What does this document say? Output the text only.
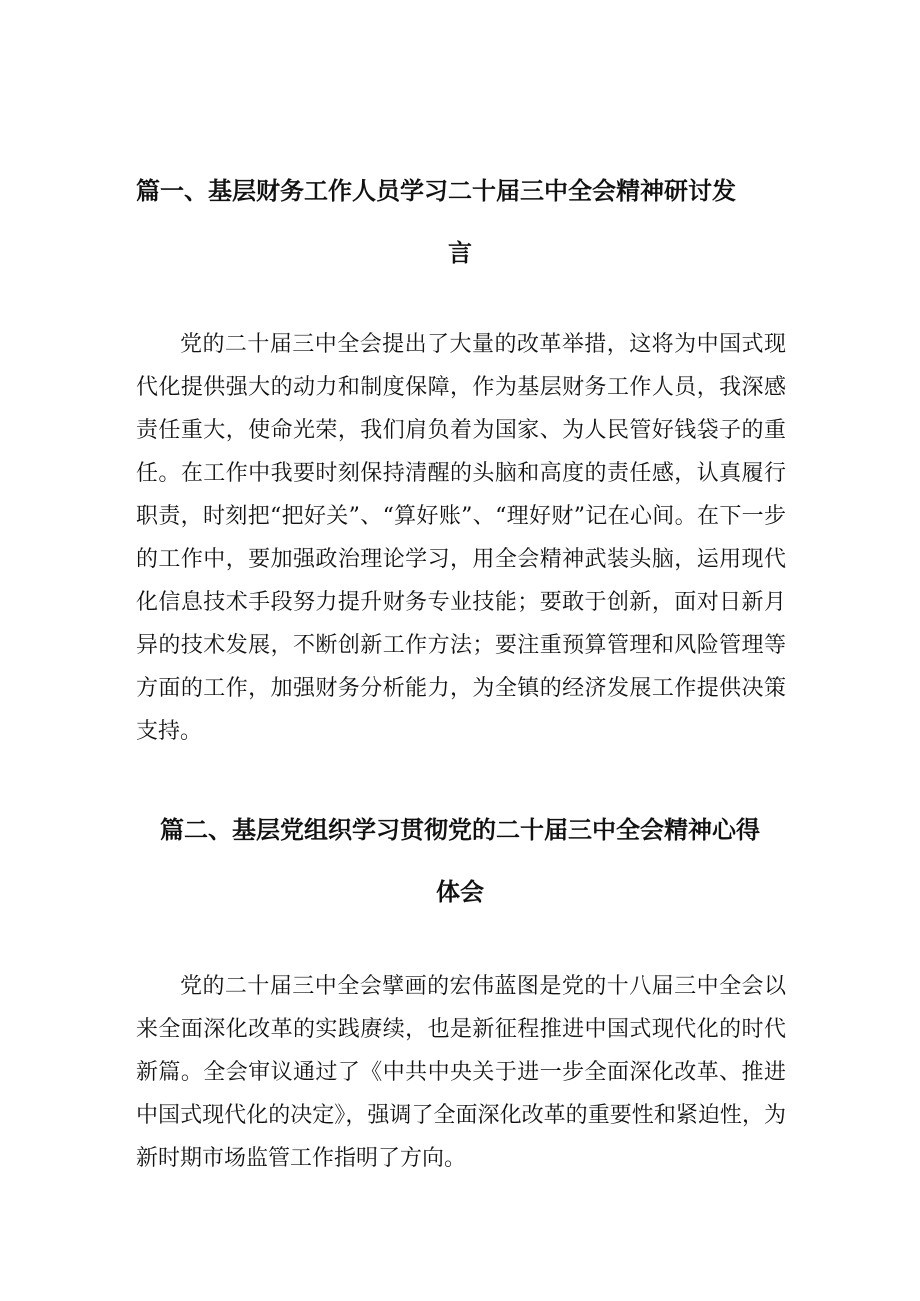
篇一、基层财务工作人员学习二十届三中全会精神研讨发
言
党的二十届三中全会提出了大量的改革举措，这将为中国式现代化提供强大的动力和制度保障，作为基层财务工作人员，我深感责任重大，使命光荣，我们肩负着为国家、为人民管好钱袋子的重任。在工作中我要时刻保持清醒的头脑和高度的责任感，认真履行职责，时刻把“把好关”、“算好账”、“理好财”记在心间。在下一步的工作中，要加强政治理论学习，用全会精神武装头脑，运用现代化信息技术手段努力提升财务专业技能；要敢于创新，面对日新月异的技术发展，不断创新工作方法；要注重预算管理和风险管理等方面的工作，加强财务分析能力，为全镇的经济发展工作提供决策支持。
篇二、基层党组织学习贯彻党的二十届三中全会精神心得
体会
党的二十届三中全会擘画的宏伟蓝图是党的十八届三中全会以来全面深化改革的实践赓续，也是新征程推进中国式现代化的时代新篇。全会审议通过了《中共中央关于进一步全面深化改革、推进中国式现代化的决定》，强调了全面深化改革的重要性和紧迫性，为新时期市场监管工作指明了方向。
